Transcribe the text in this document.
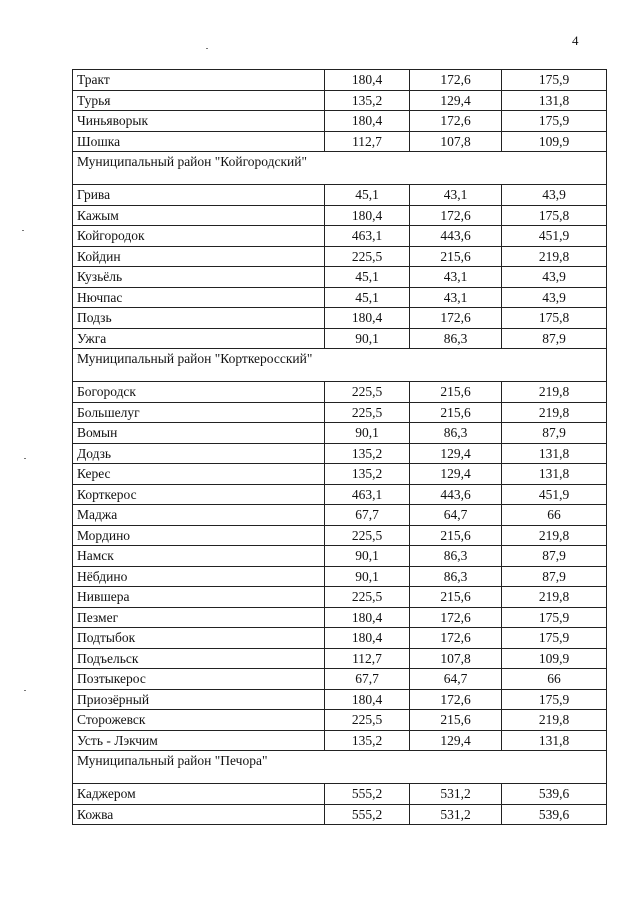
4
Тракт	180,4	172,6	175,9
Турья	135,2	129,4	131,8
Чиньяворык	180,4	172,6	175,9
Шошка	112,7	107,8	109,9
Муниципальный район "Койгородский"			
Грива	45,1	43,1	43,9
Кажым	180,4	172,6	175,8
Койгородок	463,1	443,6	451,9
Койдин	225,5	215,6	219,8
Кузьёль	45,1	43,1	43,9
Нючпас	45,1	43,1	43,9
Подзь	180,4	172,6	175,8
Ужга	90,1	86,3	87,9
Муниципальный район "Корткеросский"			
Богородск	225,5	215,6	219,8
Большелуг	225,5	215,6	219,8
Вомын	90,1	86,3	87,9
Додзь	135,2	129,4	131,8
Керес	135,2	129,4	131,8
Корткерос	463,1	443,6	451,9
Маджа	67,7	64,7	66
Мордино	225,5	215,6	219,8
Намск	90,1	86,3	87,9
Нёбдино	90,1	86,3	87,9
Нившера	225,5	215,6	219,8
Пезмег	180,4	172,6	175,9
Подтыбок	180,4	172,6	175,9
Подъельск	112,7	107,8	109,9
Позтыкерос	67,7	64,7	66
Приозёрный	180,4	172,6	175,9
Сторожевск	225,5	215,6	219,8
Усть - Лэкчим	135,2	129,4	131,8
Муниципальный район "Печора"			
Каджером	555,2	531,2	539,6
Кожва	555,2	531,2	539,6
